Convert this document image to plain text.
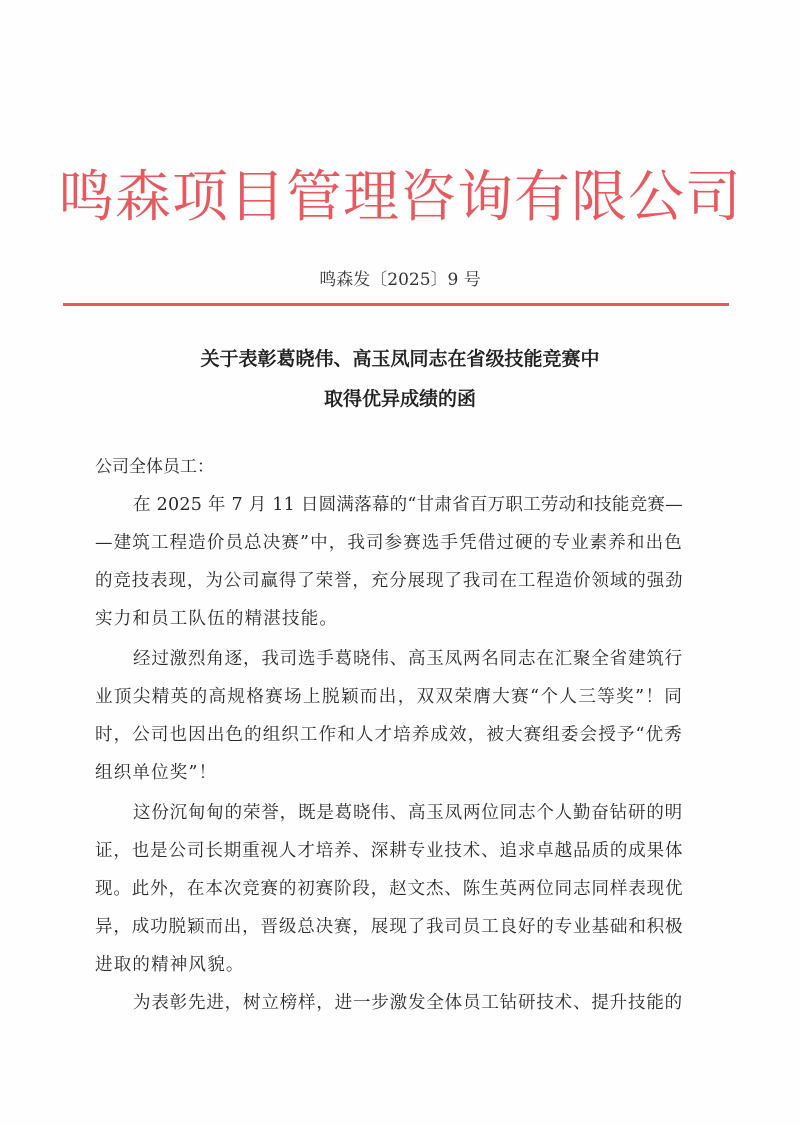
鸣森项目管理咨询有限公司
鸣森发〔2025〕9 号
关于表彰葛晓伟、高玉凤同志在省级技能竞赛中
取得优异成绩的函
公司全体员工：
在 2025 年 7 月 11 日圆满落幕的“甘肃省百万职工劳动和技能竞赛—
—建筑工程造价员总决赛”中，我司参赛选手凭借过硬的专业素养和出色
的竞技表现，为公司赢得了荣誉，充分展现了我司在工程造价领域的强劲
实力和员工队伍的精湛技能。
经过激烈角逐，我司选手葛晓伟、高玉凤两名同志在汇聚全省建筑行
业顶尖精英的高规格赛场上脱颖而出，双双荣膺大赛“个人三等奖”！同
时，公司也因出色的组织工作和人才培养成效，被大赛组委会授予“优秀
组织单位奖”！
这份沉甸甸的荣誉，既是葛晓伟、高玉凤两位同志个人勤奋钻研的明
证，也是公司长期重视人才培养、深耕专业技术、追求卓越品质的成果体
现。此外，在本次竞赛的初赛阶段，赵文杰、陈生英两位同志同样表现优
异，成功脱颖而出，晋级总决赛，展现了我司员工良好的专业基础和积极
进取的精神风貌。
为表彰先进，树立榜样，进一步激发全体员工钻研技术、提升技能的
